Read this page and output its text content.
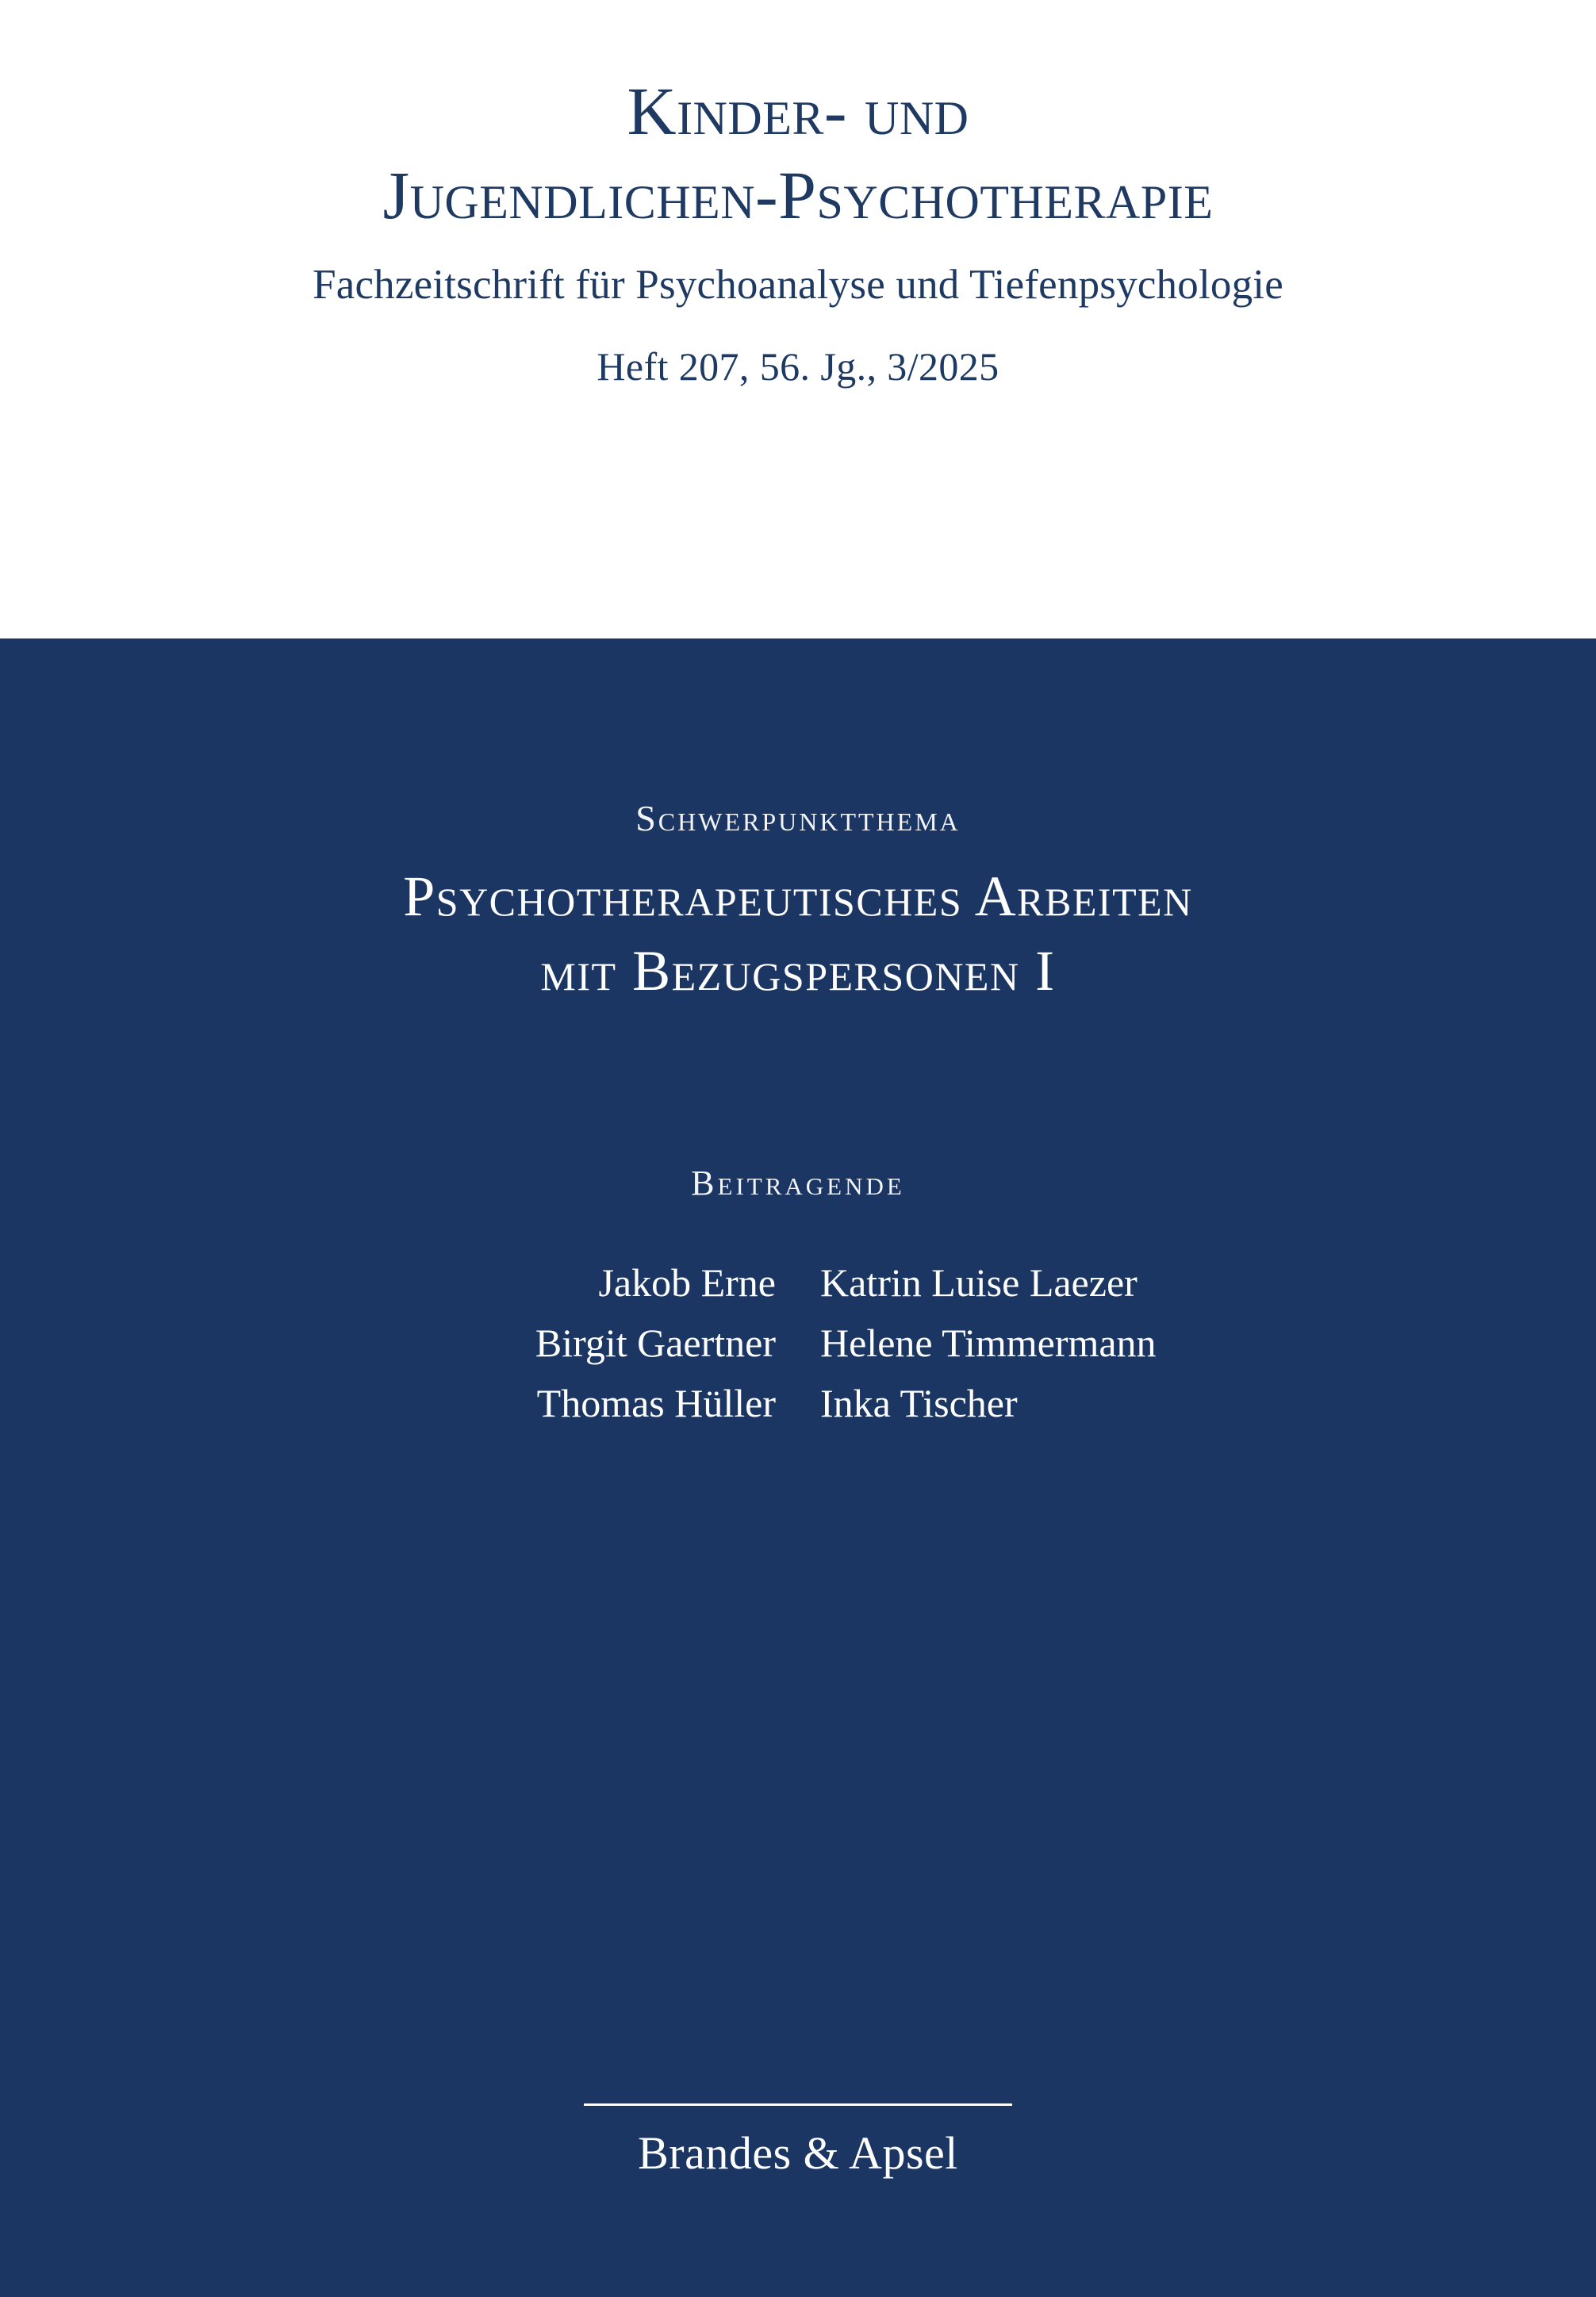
Kinder- und
Jugendlichen-Psychotherapie
Fachzeitschrift für Psychoanalyse und Tiefenpsychologie
Heft 207, 56. Jg., 3/2025
Schwerpunktthema
Psychotherapeutisches Arbeiten
mit Bezugspersonen I
Beitragende
Jakob Erne
Birgit Gaertner
Thomas Hüller
Katrin Luise Laezer
Helene Timmermann
Inka Tischer
Brandes & Apsel
